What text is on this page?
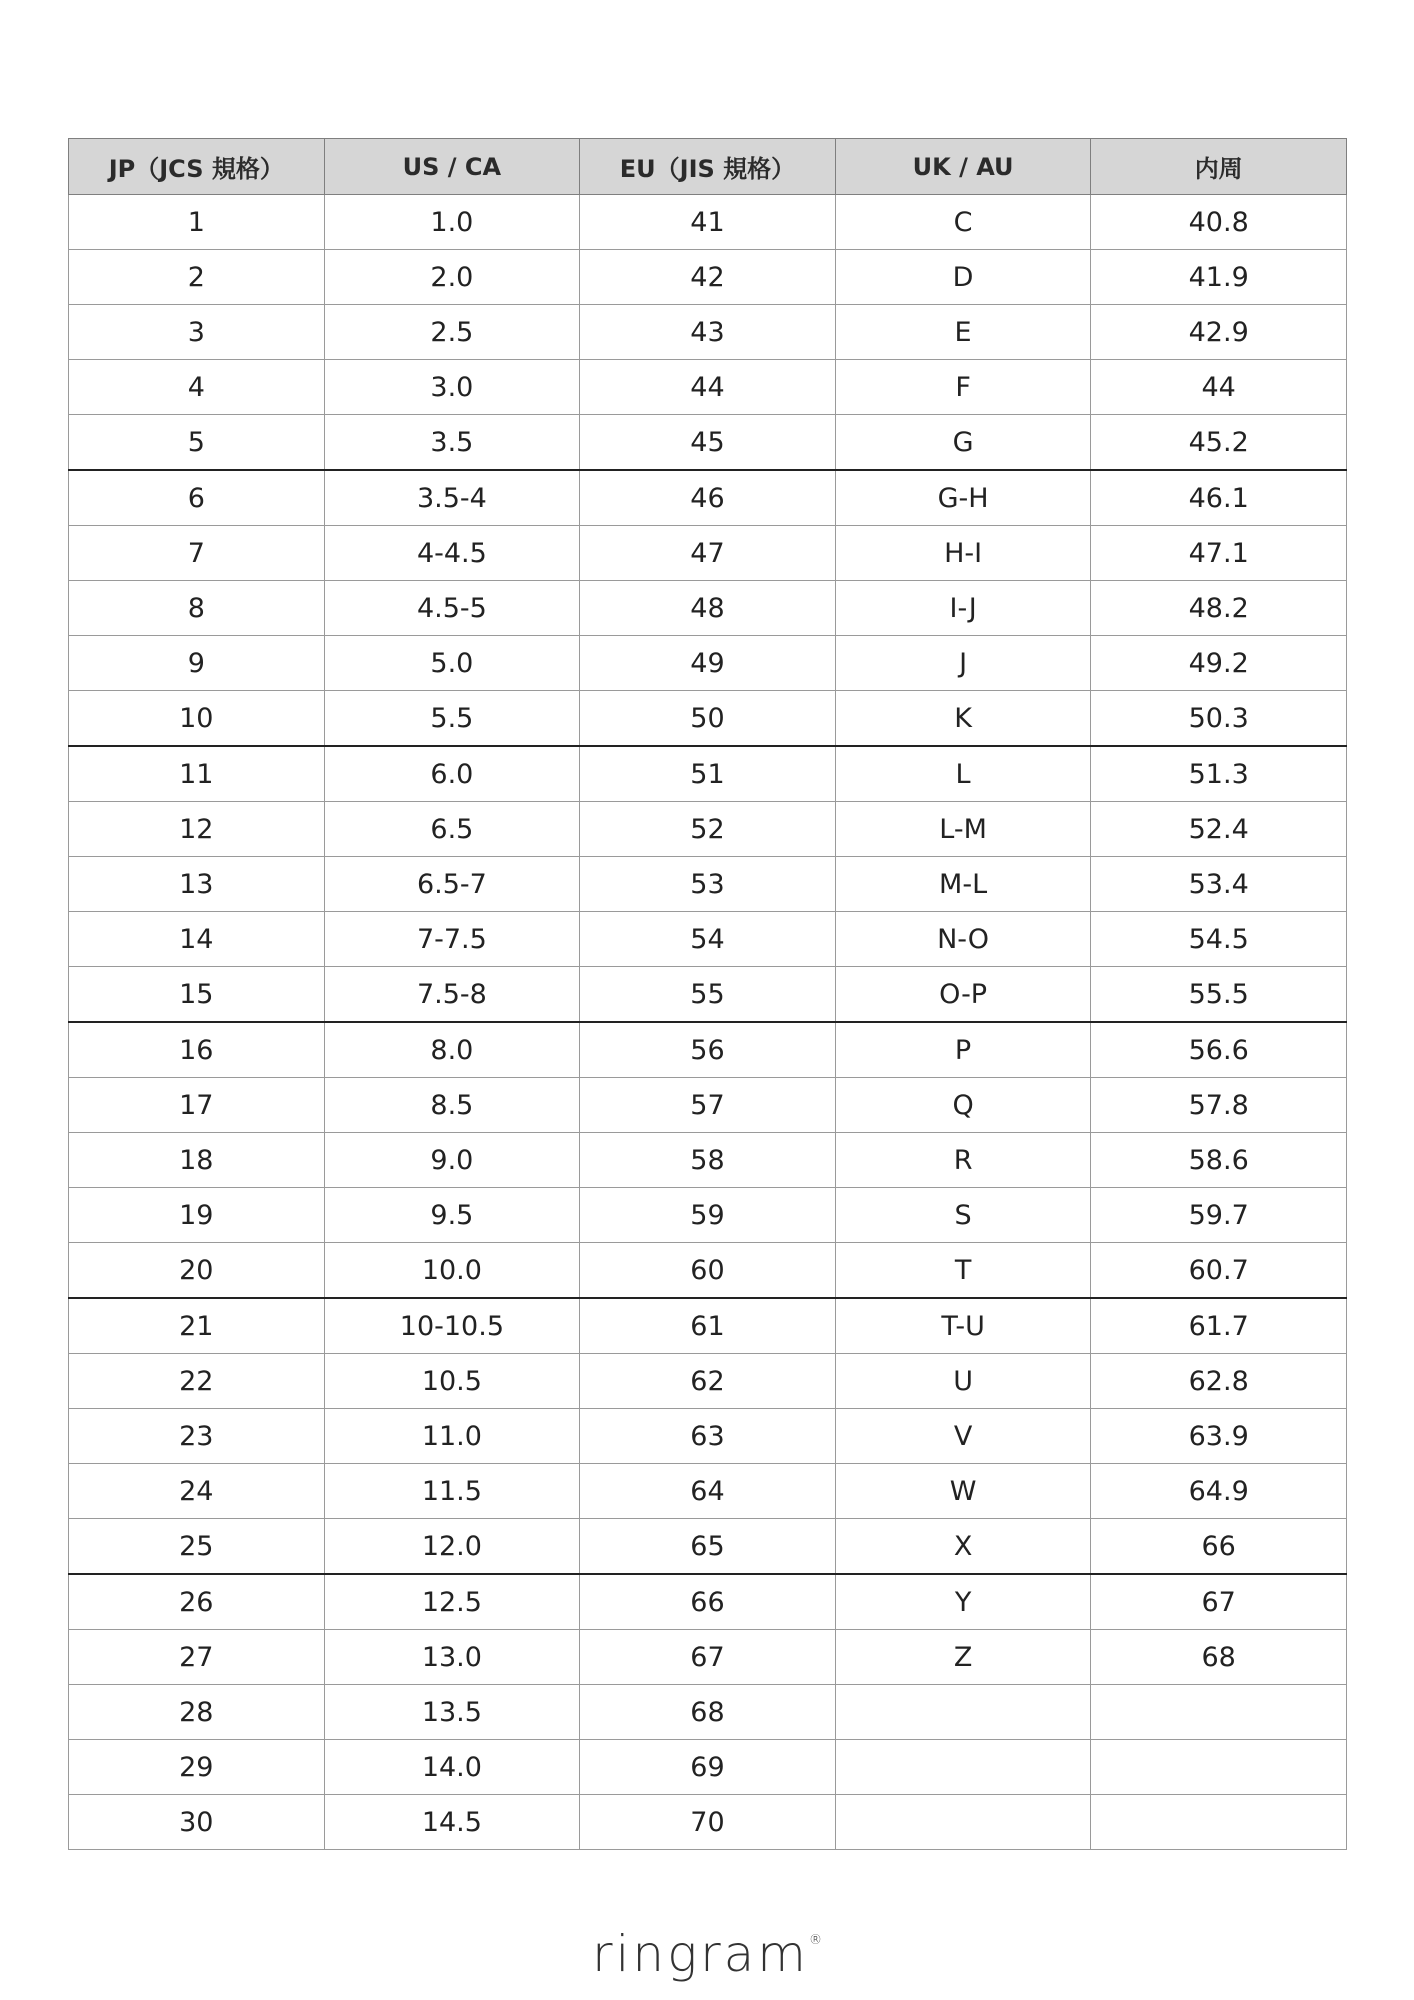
JP（JCS 規格）	US / CA	EU（JIS 規格）	UK / AU	内周
1	1.0	41	C	40.8
2	2.0	42	D	41.9
3	2.5	43	E	42.9
4	3.0	44	F	44
5	3.5	45	G	45.2
6	3.5-4	46	G-H	46.1
7	4-4.5	47	H-I	47.1
8	4.5-5	48	I-J	48.2
9	5.0	49	J	49.2
10	5.5	50	K	50.3
11	6.0	51	L	51.3
12	6.5	52	L-M	52.4
13	6.5-7	53	M-L	53.4
14	7-7.5	54	N-O	54.5
15	7.5-8	55	O-P	55.5
16	8.0	56	P	56.6
17	8.5	57	Q	57.8
18	9.0	58	R	58.6
19	9.5	59	S	59.7
20	10.0	60	T	60.7
21	10-10.5	61	T-U	61.7
22	10.5	62	U	62.8
23	11.0	63	V	63.9
24	11.5	64	W	64.9
25	12.0	65	X	66
26	12.5	66	Y	67
27	13.0	67	Z	68
28	13.5	68		
29	14.0	69		
30	14.5	70		
ringram®
